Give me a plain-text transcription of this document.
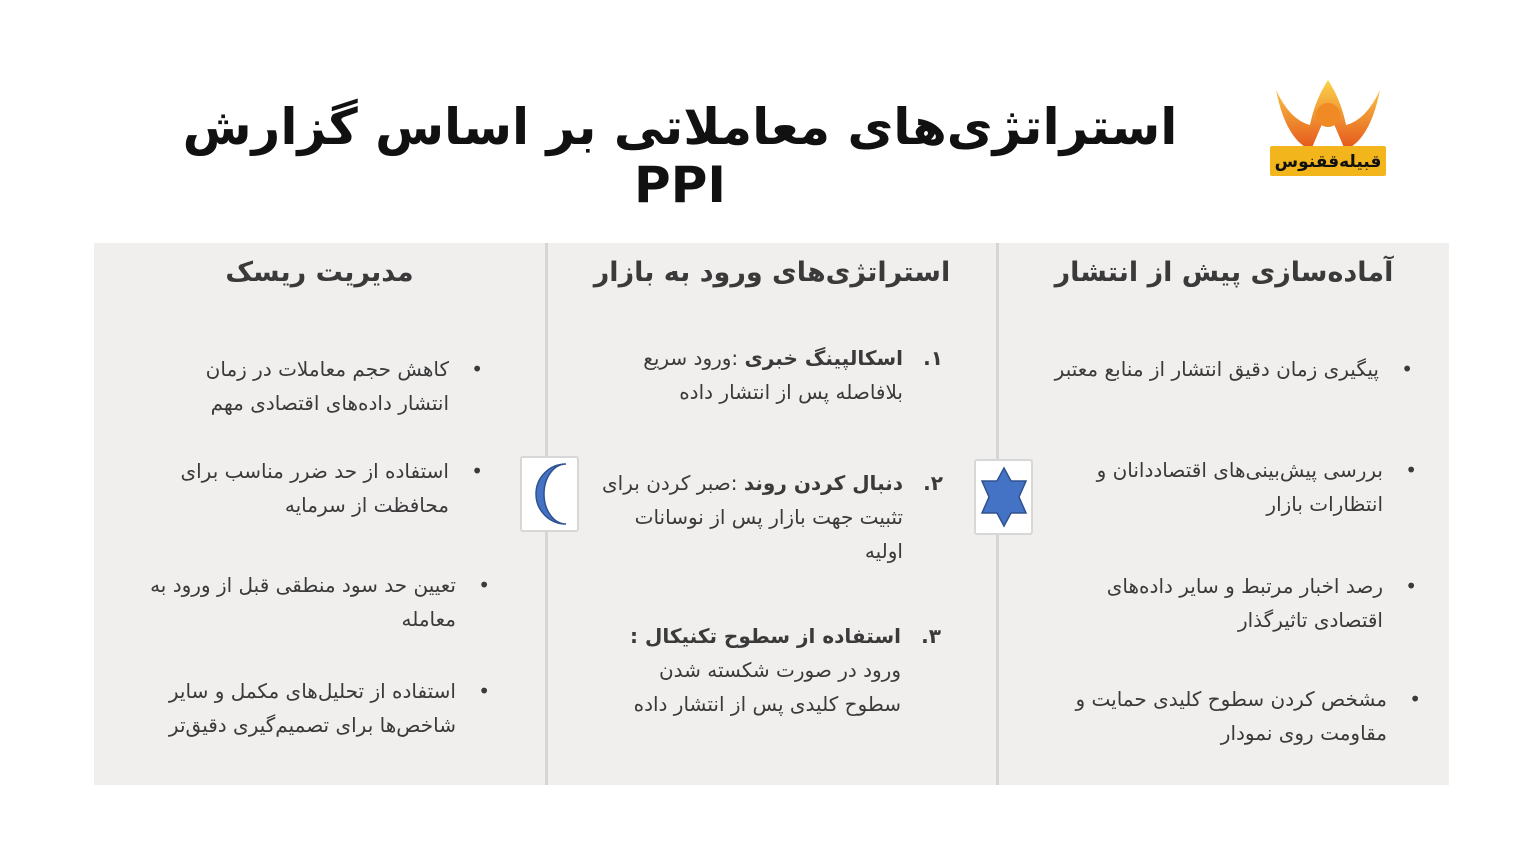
استراتژی‌های معاملاتی بر اساس گزارش PPI	قبیله‌ققنوس
آماده‌سازی پیش از انتشار
•
پیگیری زمان دقیق انتشار از منابع معتبر
•
بررسی پیش‌بینی‌های اقتصاددانان و انتظارات بازار
•
رصد اخبار مرتبط و سایر داده‌های اقتصادی تاثیرگذار
•
مشخص کردن سطوح کلیدی حمایت و مقاومت روی نمودار
استراتژی‌های ورود به بازار
۱.
اسکالپینگ خبری :ورود سریع بلافاصله پس از انتشار داده
۲.
دنبال کردن روند :صبر کردن برای تثبیت جهت بازار پس از نوسانات اولیه
۳.
استفاده از سطوح تکنیکال :
ورود در صورت شکسته شدن سطوح کلیدی پس از انتشار داده
مدیریت ریسک
•
کاهش حجم معاملات در زمان انتشار داده‌های اقتصادی مهم
•
استفاده از حد ضرر مناسب برای محافظت از سرمایه
•
تعیین حد سود منطقی قبل از ورود به معامله
•
استفاده از تحلیل‌های مکمل و سایر شاخص‌ها برای تصمیم‌گیری دقیق‌تر
